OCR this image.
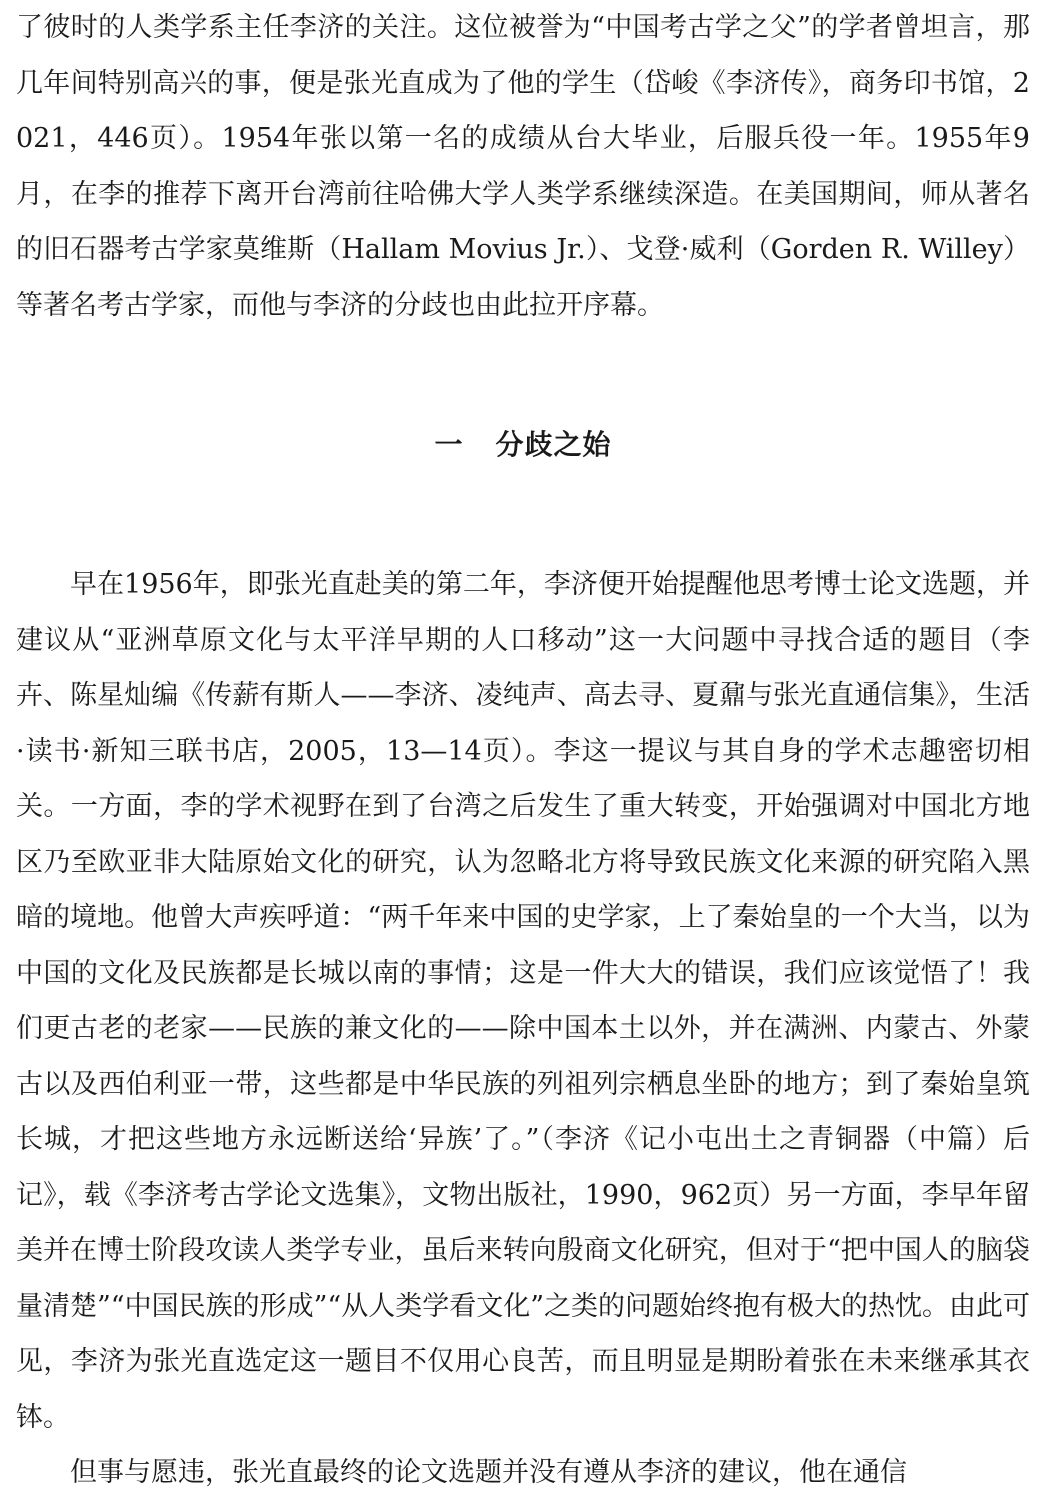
了彼时的人类学系主任李济的关注。这位被誉为“中国考古学之父”的学者曾坦言，那几年间特别高兴的事，便是张光直成为了他的学生（岱峻《李济传》，商务印书馆，2021，446页）。1954年张以第一名的成绩从台大毕业，后服兵役一年。1955年9月，在李的推荐下离开台湾前往哈佛大学人类学系继续深造。在美国期间，师从著名的旧石器考古学家莫维斯（Hallam Movius Jr.）、戈登·威利（Gorden R. Willey）等著名考古学家，而他与李济的分歧也由此拉开序幕。

一 分歧之始

早在1956年，即张光直赴美的第二年，李济便开始提醒他思考博士论文选题，并建议从“亚洲草原文化与太平洋早期的人口移动”这一大问题中寻找合适的题目（李卉、陈星灿编《传薪有斯人——李济、凌纯声、高去寻、夏鼐与张光直通信集》，生活·读书·新知三联书店，2005，13—14页）。李这一提议与其自身的学术志趣密切相关。一方面，李的学术视野在到了台湾之后发生了重大转变，开始强调对中国北方地区乃至欧亚非大陆原始文化的研究，认为忽略北方将导致民族文化来源的研究陷入黑暗的境地。他曾大声疾呼道：“两千年来中国的史学家，上了秦始皇的一个大当，以为中国的文化及民族都是长城以南的事情；这是一件大大的错误，我们应该觉悟了！我们更古老的老家——民族的兼文化的——除中国本土以外，并在满洲、内蒙古、外蒙古以及西伯利亚一带，这些都是中华民族的列祖列宗栖息坐卧的地方；到了秦始皇筑长城，才把这些地方永远断送给‘异族’了。”（李济《记小屯出土之青铜器（中篇）后记》，载《李济考古学论文选集》，文物出版社，1990，962页）另一方面，李早年留美并在博士阶段攻读人类学专业，虽后来转向殷商文化研究，但对于“把中国人的脑袋量清楚”“中国民族的形成”“从人类学看文化”之类的问题始终抱有极大的热忱。由此可见，李济为张光直选定这一题目不仅用心良苦，而且明显是期盼着张在未来继承其衣钵。

但事与愿违，张光直最终的论文选题并没有遵从李济的建议，他在通信
